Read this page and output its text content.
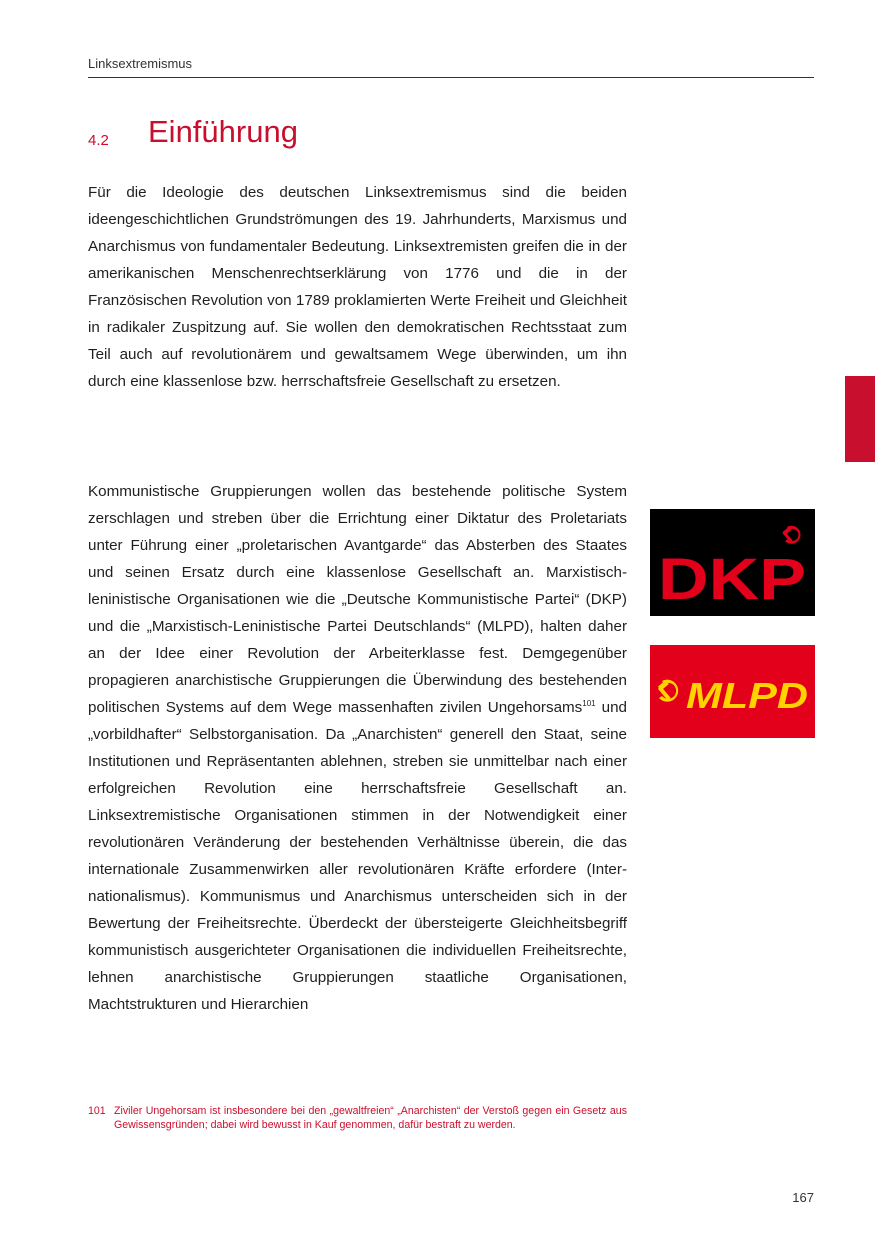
Linksextremismus
4.2 Einführung

Für die Ideologie des deutschen Linksextremismus sind die beiden ideengeschichtlichen Grundströmungen des 19. Jahrhunderts, Marxismus und Anarchismus von fundamentaler Bedeutung. Linksextremisten greifen die in der amerikanischen Menschenrechtserklärung von 1776 und die in der Französischen Revolution von 1789 proklamierten Werte Freiheit und Gleichheit in radikaler Zuspitzung auf. Sie wollen den demokratischen Rechtsstaat zum Teil auch auf revolutionärem und gewaltsamem Wege überwinden, um ihn durch eine klassenlose bzw. herrschaftsfreie Gesellschaft zu ersetzen.

Kommunistische Gruppierungen wollen das bestehende politische System zerschlagen und streben über die Errichtung einer Diktatur des Proletariats unter Führung einer „proletarischen Avantgarde“ das Absterben des Staates und seinen Ersatz durch eine klassenlose Gesellschaft an. Marxistisch-leninistische Organisationen wie die „Deutsche Kommunistische Partei“ (DKP) und die „Marxistisch-Leninistische Partei Deutschlands“ (MLPD), halten daher an der Idee einer Revolution der Arbeiterklasse fest. Demgegenüber propagieren anarchistische Gruppierungen die Überwindung des bestehenden politischen Systems auf dem Wege massenhaften zivilen Ungehorsams$^{101}$ und „vorbildhafter“ Selbstorganisation. Da „Anarchisten“ generell den Staat, seine Institutionen und Repräsentanten ablehnen, streben sie unmittelbar nach einer erfolgreichen Revolution eine herrschaftsfreie Gesellschaft an. Linksextremistische Organisationen stimmen in der Notwendigkeit einer revolutionären Veränderung der bestehenden Verhältnisse überein, die das internationale Zusammenwirken aller revolutionären Kräfte erfordere (Internationalismus). Kommunismus und Anarchismus unterscheiden sich in der Bewertung der Freiheitsrechte. Überdeckt der übersteigerte Gleichheitsbegriff kommunistisch ausgerichteter Organisationen die individuellen Freiheitsrechte, lehnen anarchistische Gruppierungen staatliche Organisationen, Machtstrukturen und Hierarchien

101 Ziviler Ungehorsam ist insbesondere bei den „gewaltfreien“ „Anarchisten“ der Verstoß gegen ein Gesetz aus Gewissensgründen; dabei wird bewusst in Kauf genommen, dafür bestraft zu werden.
DKP
MLPD
167
